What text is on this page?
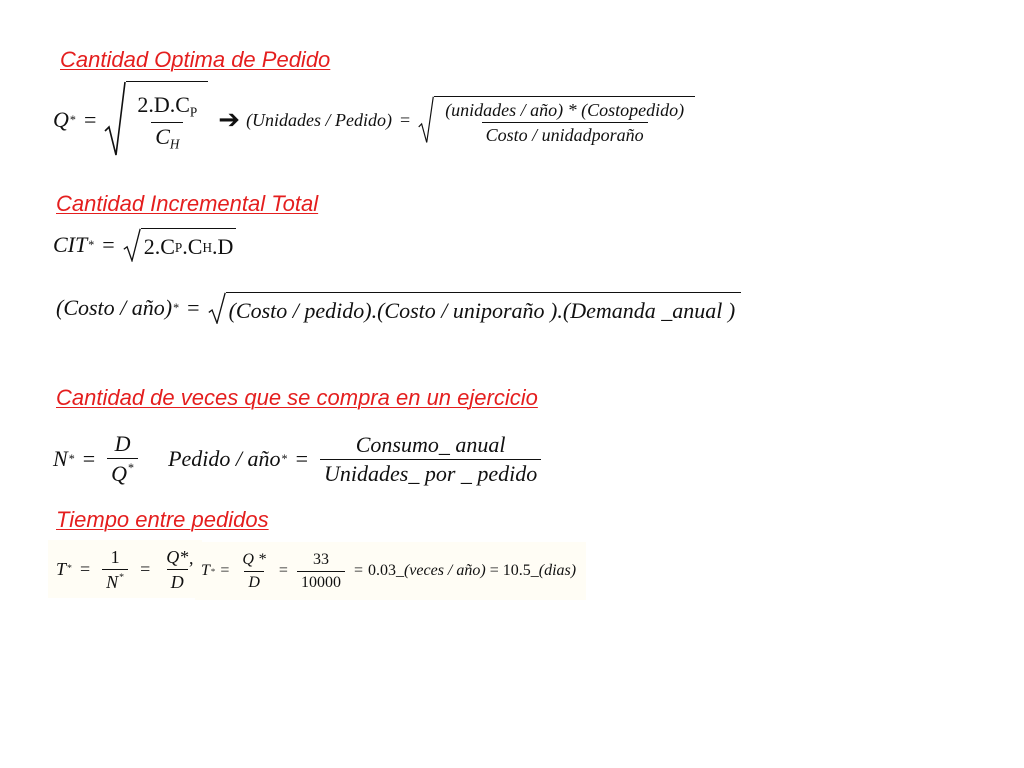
Cantidad Optima de Pedido
Cantidad Incremental Total
Cantidad de veces que se compra en un ejercicio
Tiempo entre pedidos
Q * = $\frac{2.D.C_P}{C_H}$ ➔ (Unidades / Pedido) = $\frac{\text{(unidades / año) * (Costopedido)}}{\text{Costo / unidadporaño}}$
CIT * = 2.C P .C H .D
(Costo / año) * = (Costo / pedido).(Costo / uniporaño ).(Demanda _anual )
N * = $\frac{D}{Q^*}$ Pedido / año * = $\frac{\text{Consumo\_ anual}}{\text{Unidades\_ por \_ pedido}}$
T * = $\frac{1}{N^*} = \frac{Q*}{D}$
,
T * = $\frac{Q *}{D} = \frac{33}{10000} = 0.03$ _(veces / año) = 10.5 _(dias)
